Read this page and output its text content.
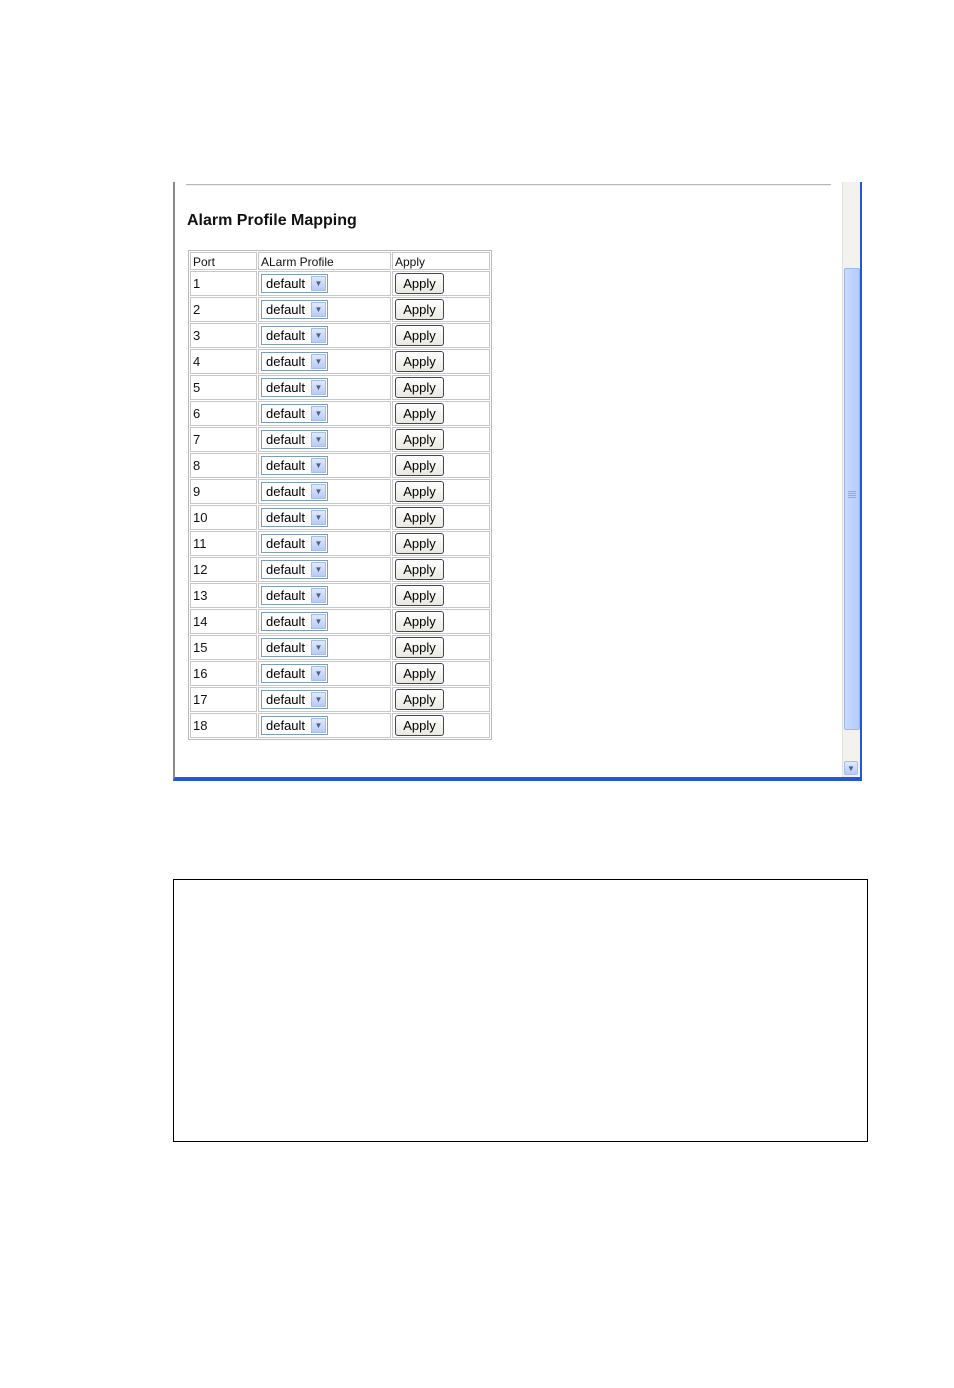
Alarm Profile Mapping
Port	ALarm Profile	Apply
1	default ▼	Apply
2	default ▼	Apply
3	default ▼	Apply
4	default ▼	Apply
5	default ▼	Apply
6	default ▼	Apply
7	default ▼	Apply
8	default ▼	Apply
9	default ▼	Apply
10	default ▼	Apply
11	default ▼	Apply
12	default ▼	Apply
13	default ▼	Apply
14	default ▼	Apply
15	default ▼	Apply
16	default ▼	Apply
17	default ▼	Apply
18	default ▼	Apply
▼
